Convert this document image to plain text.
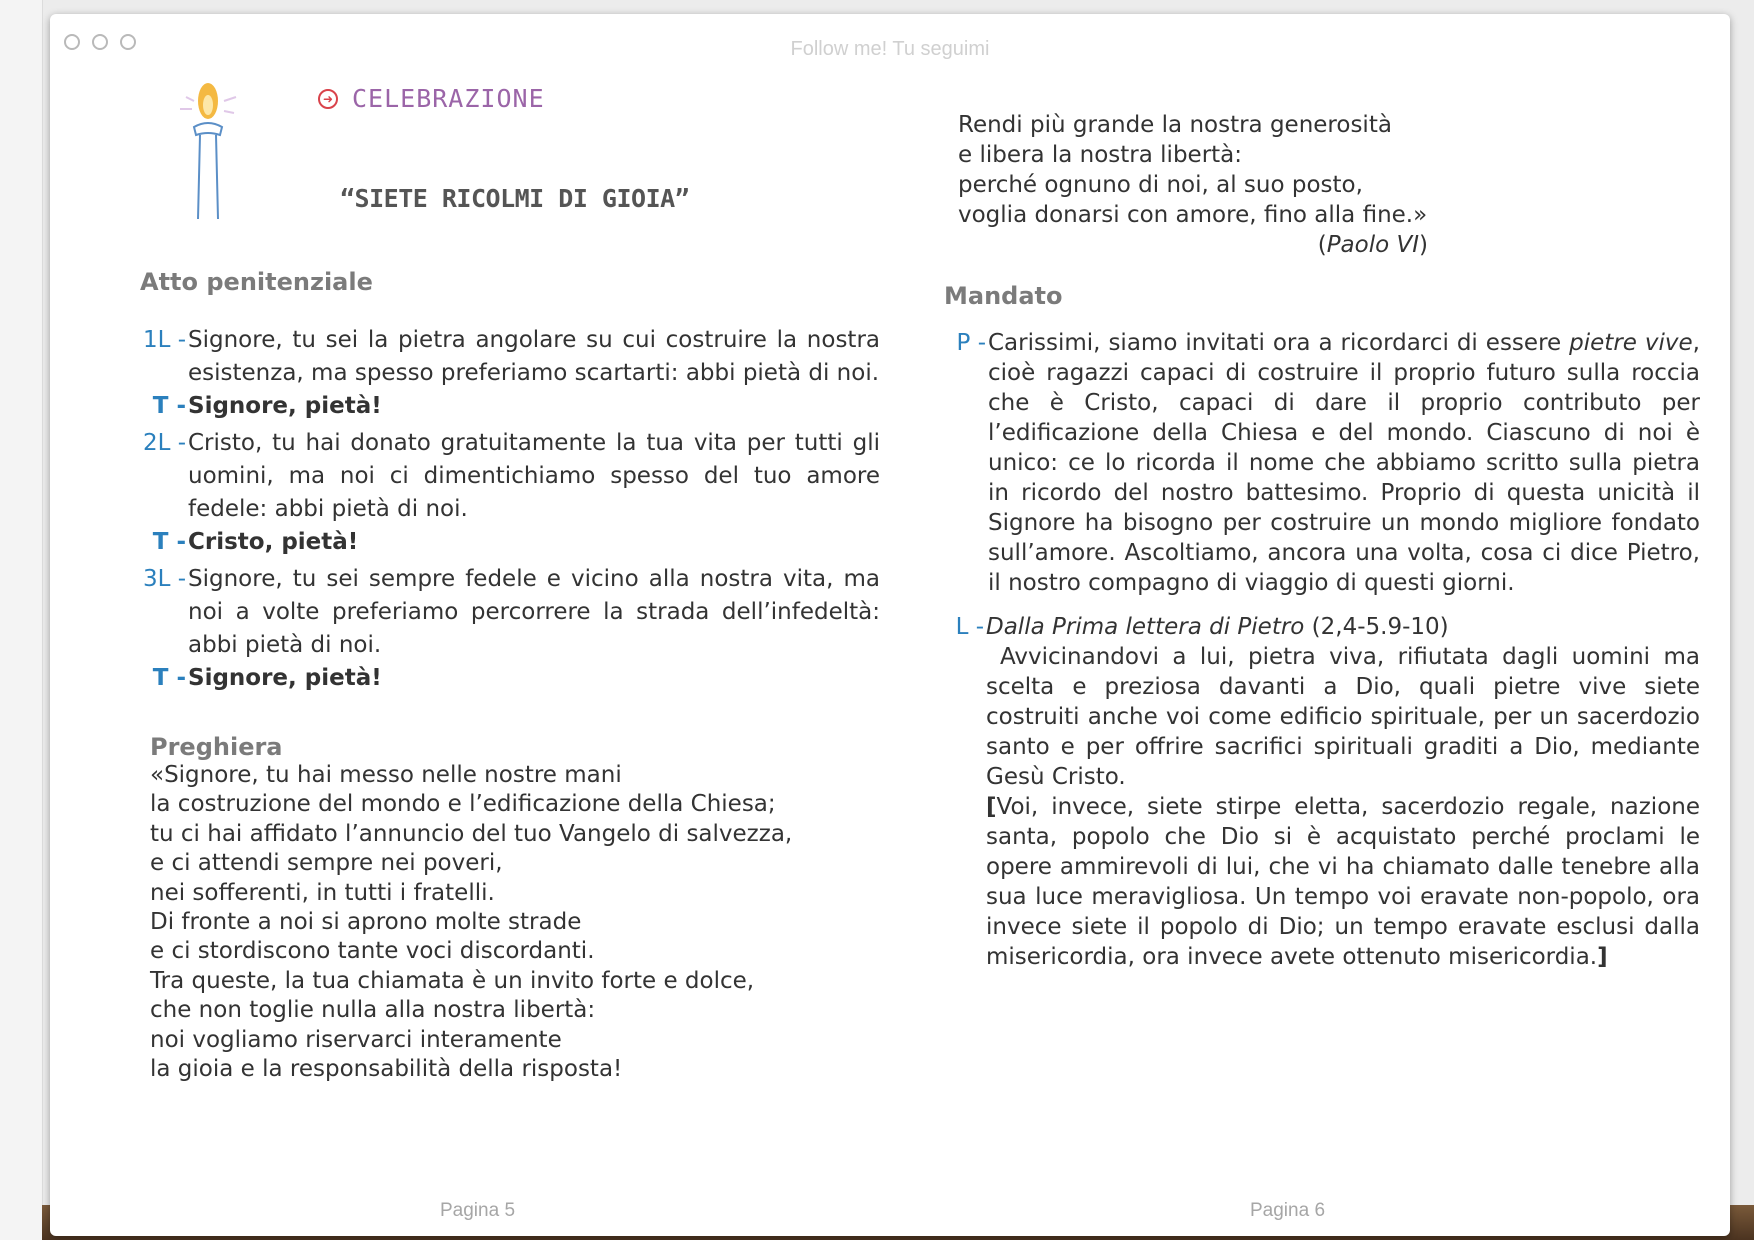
Follow me! Tu seguimi
➜ CELEBRAZIONE
“SIETE RICOLMI DI GIOIA”
Atto penitenziale
1L - Signore, tu sei la pietra angolare su cui costruire la nostra esistenza, ma spesso preferiamo scartarti: abbi pietà di noi.
T - Signore, pietà!
2L - Cristo, tu hai donato gratuitamente la tua vita per tutti gli uomini, ma noi ci dimentichiamo spesso del tuo amore fedele: abbi pietà di noi.
T - Cristo, pietà!
3L - Signore, tu sei sempre fedele e vicino alla nostra vita, ma noi a volte preferiamo percorrere la strada dell’infedeltà: abbi pietà di noi.
T - Signore, pietà!
Preghiera
«Signore, tu hai messo nelle nostre mani
la costruzione del mondo e l’edificazione della Chiesa;
tu ci hai affidato l’annuncio del tuo Vangelo di salvezza,
e ci attendi sempre nei poveri,
nei sofferenti, in tutti i fratelli.
Di fronte a noi si aprono molte strade
e ci stordiscono tante voci discordanti.
Tra queste, la tua chiamata è un invito forte e dolce,
che non toglie nulla alla nostra libertà:
noi vogliamo riservarci interamente
la gioia e la responsabilità della risposta!
Rendi più grande la nostra generosità
e libera la nostra libertà:
perché ognuno di noi, al suo posto,
voglia donarsi con amore, fino alla fine.»
(Paolo VI)
Mandato
P - Carissimi, siamo invitati ora a ricordarci di essere pietre vive, cioè ragazzi capaci di costruire il proprio futuro sulla roccia che è Cristo, capaci di dare il proprio contributo per l’edificazione della Chiesa e del mondo. Ciascuno di noi è unico: ce lo ricorda il nome che abbiamo scritto sulla pietra in ricordo del nostro battesimo. Proprio di questa unicità il Signore ha bisogno per costruire un mondo migliore fondato sull’amore. Ascoltiamo, ancora una volta, cosa ci dice Pietro, il nostro compagno di viaggio di questi giorni.
L - Dalla Prima lettera di Pietro (2,4-5.9-10)
Avvicinandovi a lui, pietra viva, rifiutata dagli uomini ma scelta e preziosa davanti a Dio, quali pietre vive siete costruiti anche voi come edificio spirituale, per un sacerdozio santo e per offrire sacrifici spirituali graditi a Dio, mediante Gesù Cristo.
[Voi, invece, siete stirpe eletta, sacerdozio regale, nazione santa, popolo che Dio si è acquistato perché proclami le opere ammirevoli di lui, che vi ha chiamato dalle tenebre alla sua luce meravigliosa. Un tempo voi eravate non-popolo, ora invece siete il popolo di Dio; un tempo eravate esclusi dalla misericordia, ora invece avete ottenuto misericordia.]
Pagina 5	Pagina 6
